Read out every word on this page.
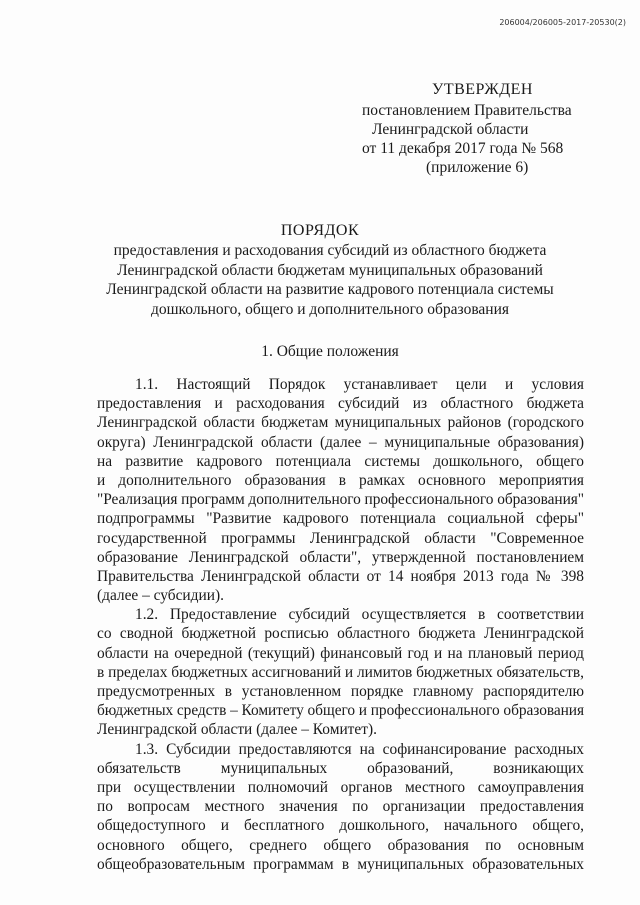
206004/206005-2017-20530(2)
УТВЕРЖДЕН
постановлением Правительства
Ленинградской области
от 11 декабря 2017 года № 568
(приложение 6)
ПОРЯДОК
предоставления и расходования субсидий из областного бюджета
Ленинградской области бюджетам муниципальных образований
Ленинградской области на развитие кадрового потенциала системы
дошкольного, общего и дополнительного образования
1. Общие положения
1.1. Настоящий Порядок устанавливает цели и условия
предоставления и расходования субсидий из областного бюджета
Ленинградской области бюджетам муниципальных районов (городского
округа) Ленинградской области (далее – муниципальные образования)
на развитие кадрового потенциала системы дошкольного, общего
и дополнительного образования в рамках основного мероприятия
"Реализация программ дополнительного профессионального образования"
подпрограммы "Развитие кадрового потенциала социальной сферы"
государственной программы Ленинградской области "Современное
образование Ленинградской области", утвержденной постановлением
Правительства Ленинградской области от 14 ноября 2013 года № 398
(далее – субсидии).
1.2. Предоставление субсидий осуществляется в соответствии
со сводной бюджетной росписью областного бюджета Ленинградской
области на очередной (текущий) финансовый год и на плановый период
в пределах бюджетных ассигнований и лимитов бюджетных обязательств,
предусмотренных в установленном порядке главному распорядителю
бюджетных средств – Комитету общего и профессионального образования
Ленинградской области (далее – Комитет).
1.3. Субсидии предоставляются на софинансирование расходных
обязательств муниципальных образований, возникающих
при осуществлении полномочий органов местного самоуправления
по вопросам местного значения по организации предоставления
общедоступного и бесплатного дошкольного, начального общего,
основного общего, среднего общего образования по основным
общеобразовательным программам в муниципальных образовательных
